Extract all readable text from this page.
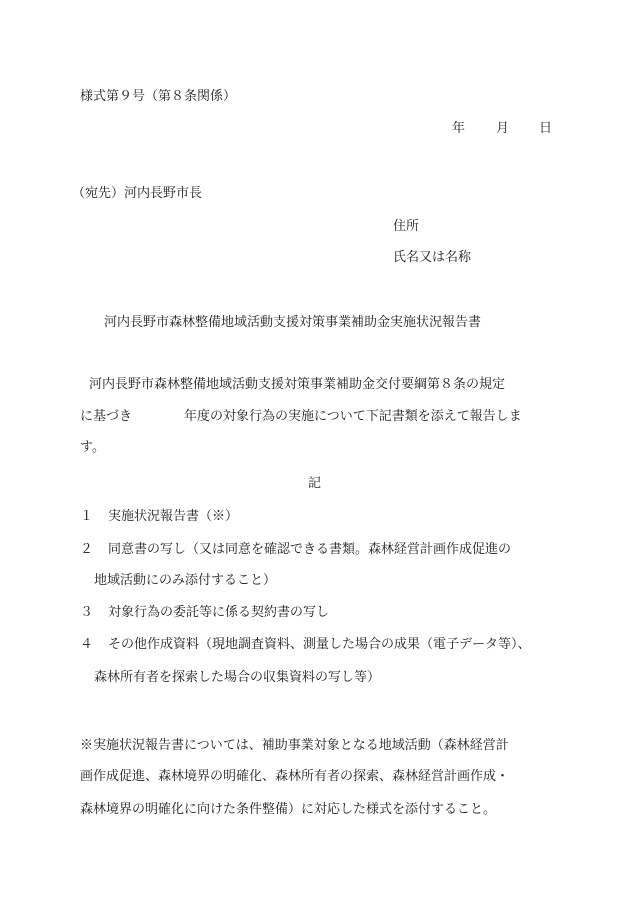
様式第９号（第８条関係）
年 月 日
（宛先）河内長野市長
住所
氏名又は名称
河内長野市森林整備地域活動支援対策事業補助金実施状況報告書
河内長野市森林整備地域活動支援対策事業補助金交付要綱第８条の規定
に基づき	年度の対象行為の実施について下記書類を添えて報告しま
す。
記
１ 実施状況報告書（※）
２ 同意書の写し（又は同意を確認できる書類。森林経営計画作成促進の
地域活動にのみ添付すること）
３ 対象行為の委託等に係る契約書の写し
４ その他作成資料（現地調査資料、測量した場合の成果（電子データ等）、
森林所有者を探索した場合の収集資料の写し等）
※実施状況報告書については、補助事業対象となる地域活動（森林経営計
画作成促進、森林境界の明確化、森林所有者の探索、森林経営計画作成・
森林境界の明確化に向けた条件整備）に対応した様式を添付すること。
